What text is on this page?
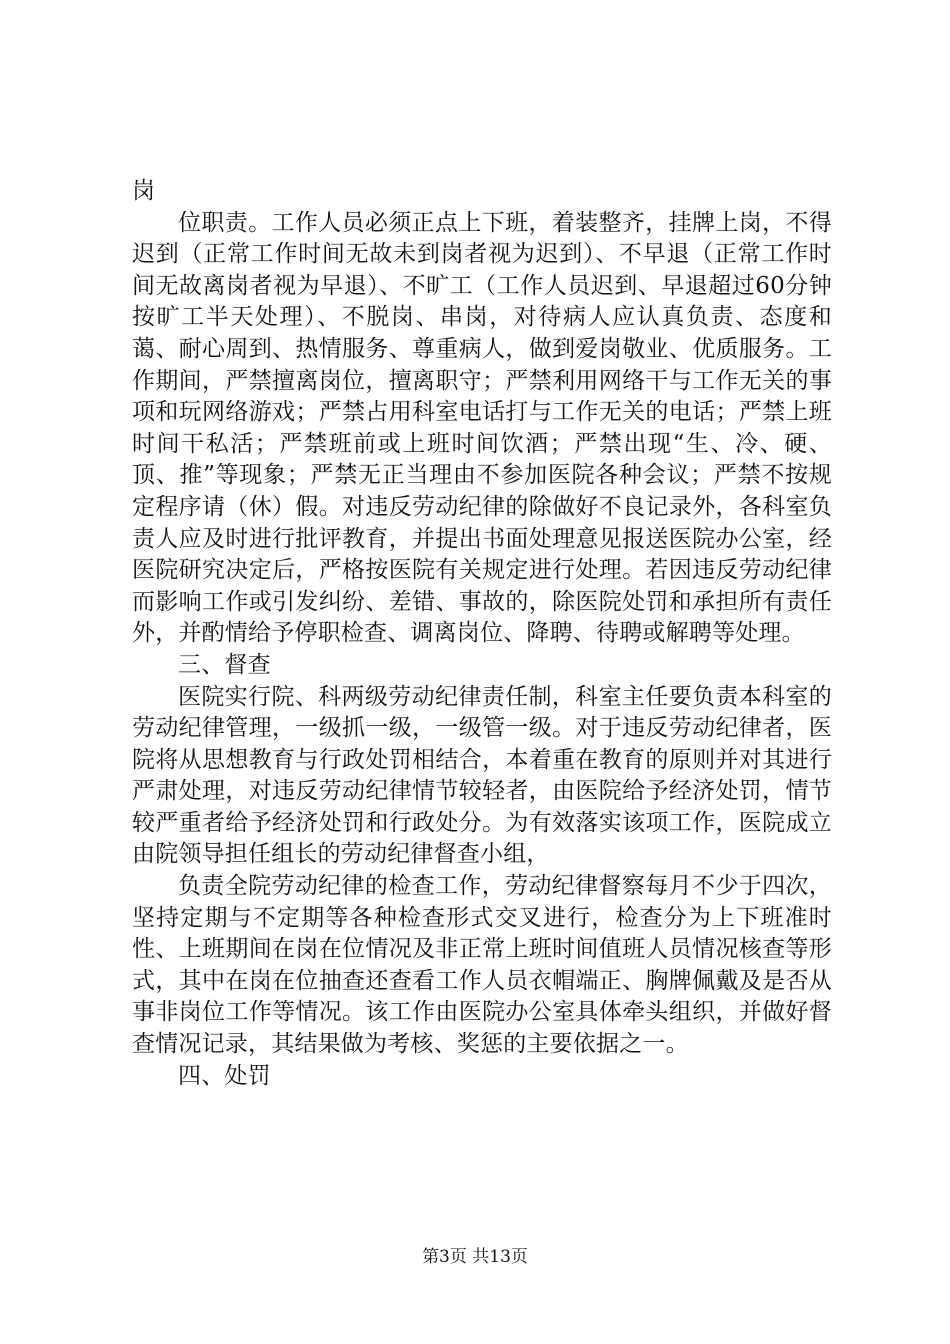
岗

位职责。工作人员必须正点上下班，着装整齐，挂牌上岗，不得迟到（正常工作时间无故未到岗者视为迟到）、不早退（正常工作时间无故离岗者视为早退）、不旷工（工作人员迟到、早退超过60分钟按旷工半天处理）、不脱岗、串岗，对待病人应认真负责、态度和蔼、耐心周到、热情服务、尊重病人，做到爱岗敬业、优质服务。工作期间，严禁擅离岗位，擅离职守；严禁利用网络干与工作无关的事项和玩网络游戏；严禁占用科室电话打与工作无关的电话；严禁上班时间干私活；严禁班前或上班时间饮酒；严禁出现“生、冷、硬、顶、推”等现象；严禁无正当理由不参加医院各种会议；严禁不按规定程序请（休）假。对违反劳动纪律的除做好不良记录外，各科室负责人应及时进行批评教育，并提出书面处理意见报送医院办公室，经医院研究决定后，严格按医院有关规定进行处理。若因违反劳动纪律而影响工作或引发纠纷、差错、事故的，除医院处罚和承担所有责任外，并酌情给予停职检查、调离岗位、降聘、待聘或解聘等处理。

三、督查

医院实行院、科两级劳动纪律责任制，科室主任要负责本科室的劳动纪律管理，一级抓一级，一级管一级。对于违反劳动纪律者，医院将从思想教育与行政处罚相结合，本着重在教育的原则并对其进行严肃处理，对违反劳动纪律情节较轻者，由医院给予经济处罚，情节较严重者给予经济处罚和行政处分。为有效落实该项工作，医院成立由院领导担任组长的劳动纪律督查小组，

负责全院劳动纪律的检查工作，劳动纪律督察每月不少于四次，坚持定期与不定期等各种检查形式交叉进行，检查分为上下班准时性、上班期间在岗在位情况及非正常上班时间值班人员情况核查等形式，其中在岗在位抽查还查看工作人员衣帽端正、胸牌佩戴及是否从事非岗位工作等情况。该工作由医院办公室具体牵头组织，并做好督查情况记录，其结果做为考核、奖惩的主要依据之一。

四、处罚

第3页 共13页
